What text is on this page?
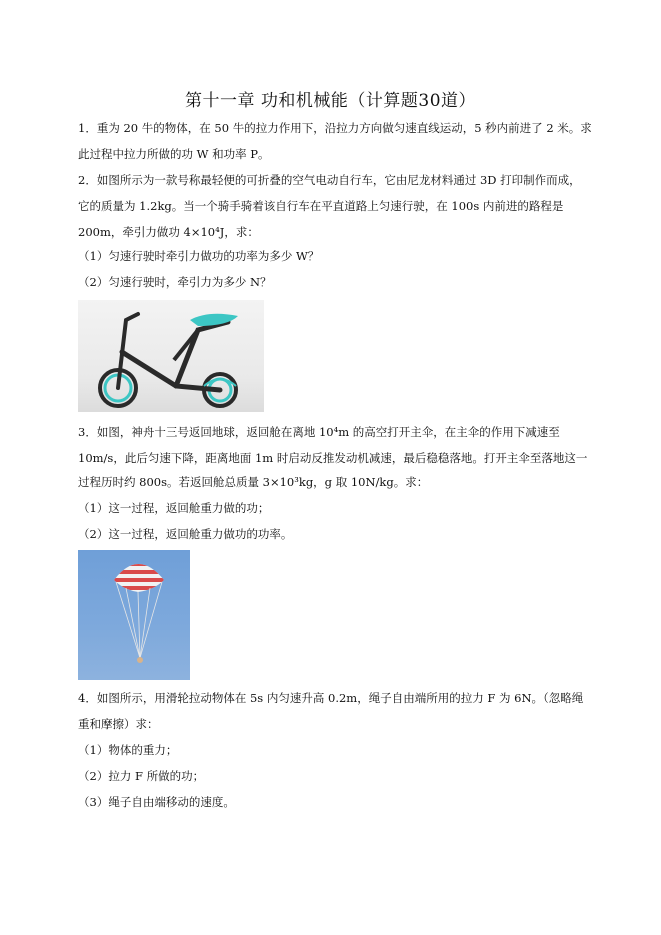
第十一章 功和机械能（计算题30道）
1．重为 20 牛的物体，在 50 牛的拉力作用下，沿拉力方向做匀速直线运动，5 秒内前进了 2 米。求
此过程中拉力所做的功 W 和功率 P。
2．如图所示为一款号称最轻便的可折叠的空气电动自行车，它由尼龙材料通过 3D 打印制作而成，
它的质量为 1.2kg。当一个骑手骑着该自行车在平直道路上匀速行驶，在 100s 内前进的路程是
200m，牵引力做功 4×10⁴J，求：
（1）匀速行驶时牵引力做功的功率为多少 W？
（2）匀速行驶时，牵引力为多少 N？
3．如图，神舟十三号返回地球，返回舱在离地 10⁴m 的高空打开主伞，在主伞的作用下减速至
10m/s，此后匀速下降，距离地面 1m 时启动反推发动机减速，最后稳稳落地。打开主伞至落地这一
过程历时约 800s。若返回舱总质量 3×10³kg，g 取 10N/kg。求：
（1）这一过程，返回舱重力做的功；
（2）这一过程，返回舱重力做功的功率。
4．如图所示，用滑轮拉动物体在 5s 内匀速升高 0.2m，绳子自由端所用的拉力 F 为 6N。（忽略绳
重和摩擦）求：
（1）物体的重力；
（2）拉力 F 所做的功；
（3）绳子自由端移动的速度。
